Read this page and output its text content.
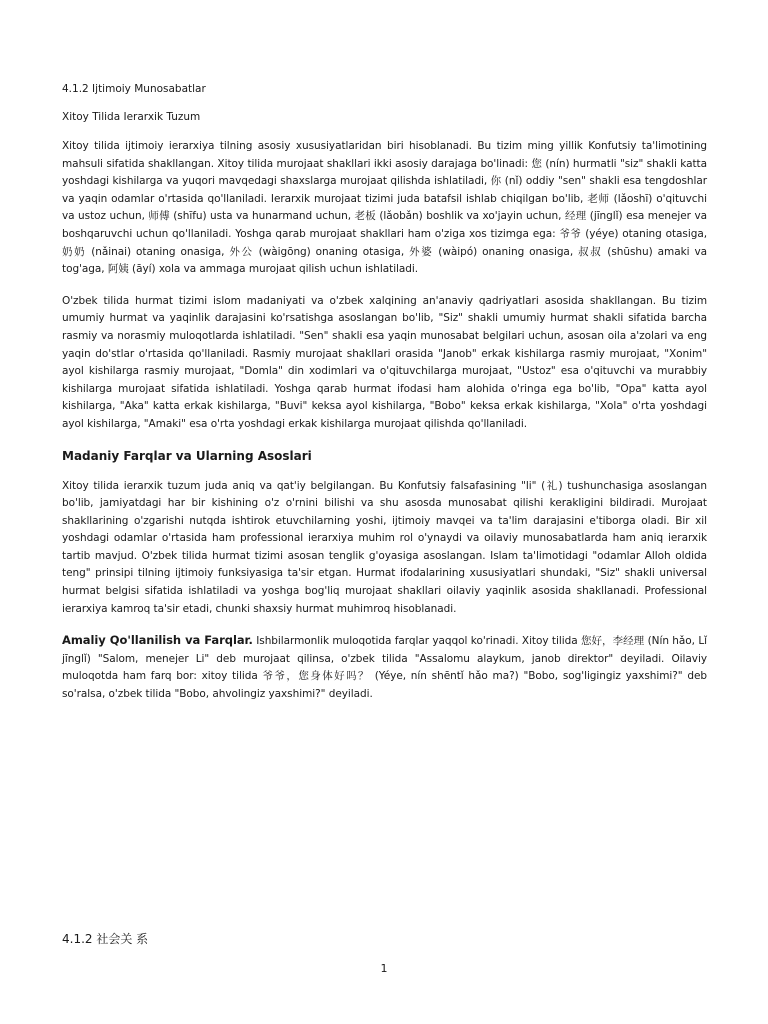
4.1.2 Ijtimoiy Munosabatlar

Xitoy Tilida Ierarxik Tuzum

Xitoy tilida ijtimoiy ierarxiya tilning asosiy xususiyatlaridan biri hisoblanadi. Bu tizim ming yillik Konfutsiy ta'limotining mahsuli sifatida shakllangan. Xitoy tilida murojaat shakllari ikki asosiy darajaga bo'linadi: 您 (nín) hurmatli "siz" shakli katta yoshdagi kishilarga va yuqori mavqedagi shaxslarga murojaat qilishda ishlatiladi, 你 (nǐ) oddiy "sen" shakli esa tengdoshlar va yaqin odamlar o'rtasida qo'llaniladi. Ierarxik murojaat tizimi juda batafsil ishlab chiqilgan bo'lib, 老师 (lǎoshī) o'qituvchi va ustoz uchun, 师傅 (shīfu) usta va hunarmand uchun, 老板 (lǎobǎn) boshlik va xo'jayin uchun, 经理 (jīnglǐ) esa menejer va boshqaruvchi uchun qo'llaniladi. Yoshga qarab murojaat shakllari ham o'ziga xos tizimga ega: 爷爷 (yéye) otaning otasiga, 奶奶 (nǎinai) otaning onasiga, 外公 (wàigōng) onaning otasiga, 外婆 (wàipó) onaning onasiga, 叔叔 (shūshu) amaki va tog'aga, 阿姨 (āyí) xola va ammaga murojaat qilish uchun ishlatiladi.

O'zbek tilida hurmat tizimi islom madaniyati va o'zbek xalqining an'anaviy qadriyatlari asosida shakllangan. Bu tizim umumiy hurmat va yaqinlik darajasini ko'rsatishga asoslangan bo'lib, "Siz" shakli umumiy hurmat shakli sifatida barcha rasmiy va norasmiy muloqotlarda ishlatiladi. "Sen" shakli esa yaqin munosabat belgilari uchun, asosan oila a'zolari va eng yaqin do'stlar o'rtasida qo'llaniladi. Rasmiy murojaat shakllari orasida "Janob" erkak kishilarga rasmiy murojaat, "Xonim" ayol kishilarga rasmiy murojaat, "Domla" din xodimlari va o'qituvchilarga murojaat, "Ustoz" esa o'qituvchi va murabbiy kishilarga murojaat sifatida ishlatiladi. Yoshga qarab hurmat ifodasi ham alohida o'ringa ega bo'lib, "Opa" katta ayol kishilarga, "Aka" katta erkak kishilarga, "Buvi" keksa ayol kishilarga, "Bobo" keksa erkak kishilarga, "Xola" o'rta yoshdagi ayol kishilarga, "Amaki" esa o'rta yoshdagi erkak kishilarga murojaat qilishda qo'llaniladi.

Madaniy Farqlar va Ularning Asoslari

Xitoy tilida ierarxik tuzum juda aniq va qat'iy belgilangan. Bu Konfutsiy falsafasining "li" (礼) tushunchasiga asoslangan bo'lib, jamiyatdagi har bir kishining o'z o'rnini bilishi va shu asosda munosabat qilishi kerakligini bildiradi. Murojaat shakllarining o'zgarishi nutqda ishtirok etuvchilarning yoshi, ijtimoiy mavqei va ta'lim darajasini e'tiborga oladi. Bir xil yoshdagi odamlar o'rtasida ham professional ierarxiya muhim rol o'ynaydi va oilaviy munosabatlarda ham aniq ierarxik tartib mavjud. O'zbek tilida hurmat tizimi asosan tenglik g'oyasiga asoslangan. Islam ta'limotidagi "odamlar Alloh oldida teng" prinsipi tilning ijtimoiy funksiyasiga ta'sir etgan. Hurmat ifodalarining xususiyatlari shundaki, "Siz" shakli universal hurmat belgisi sifatida ishlatiladi va yoshga bog'liq murojaat shakllari oilaviy yaqinlik asosida shakllanadi. Professional ierarxiya kamroq ta'sir etadi, chunki shaxsiy hurmat muhimroq hisoblanadi.

Amaliy Qo'llanilish va Farqlar. Ishbilarmonlik muloqotida farqlar yaqqol ko'rinadi. Xitoy tilida 您好，李经理 (Nín hǎo, Lǐ jīnglǐ) "Salom, menejer Li" deb murojaat qilinsa, o'zbek tilida "Assalomu alaykum, janob direktor" deyiladi. Oilaviy muloqotda ham farq bor: xitoy tilida 爷爷，您身体好吗？ (Yéye, nín shēntǐ hǎo ma?) "Bobo, sog'ligingiz yaxshimi?" deb so'ralsa, o'zbek tilida "Bobo, ahvolingiz yaxshimi?" deyiladi.

4.1.2 社会关 系

1
